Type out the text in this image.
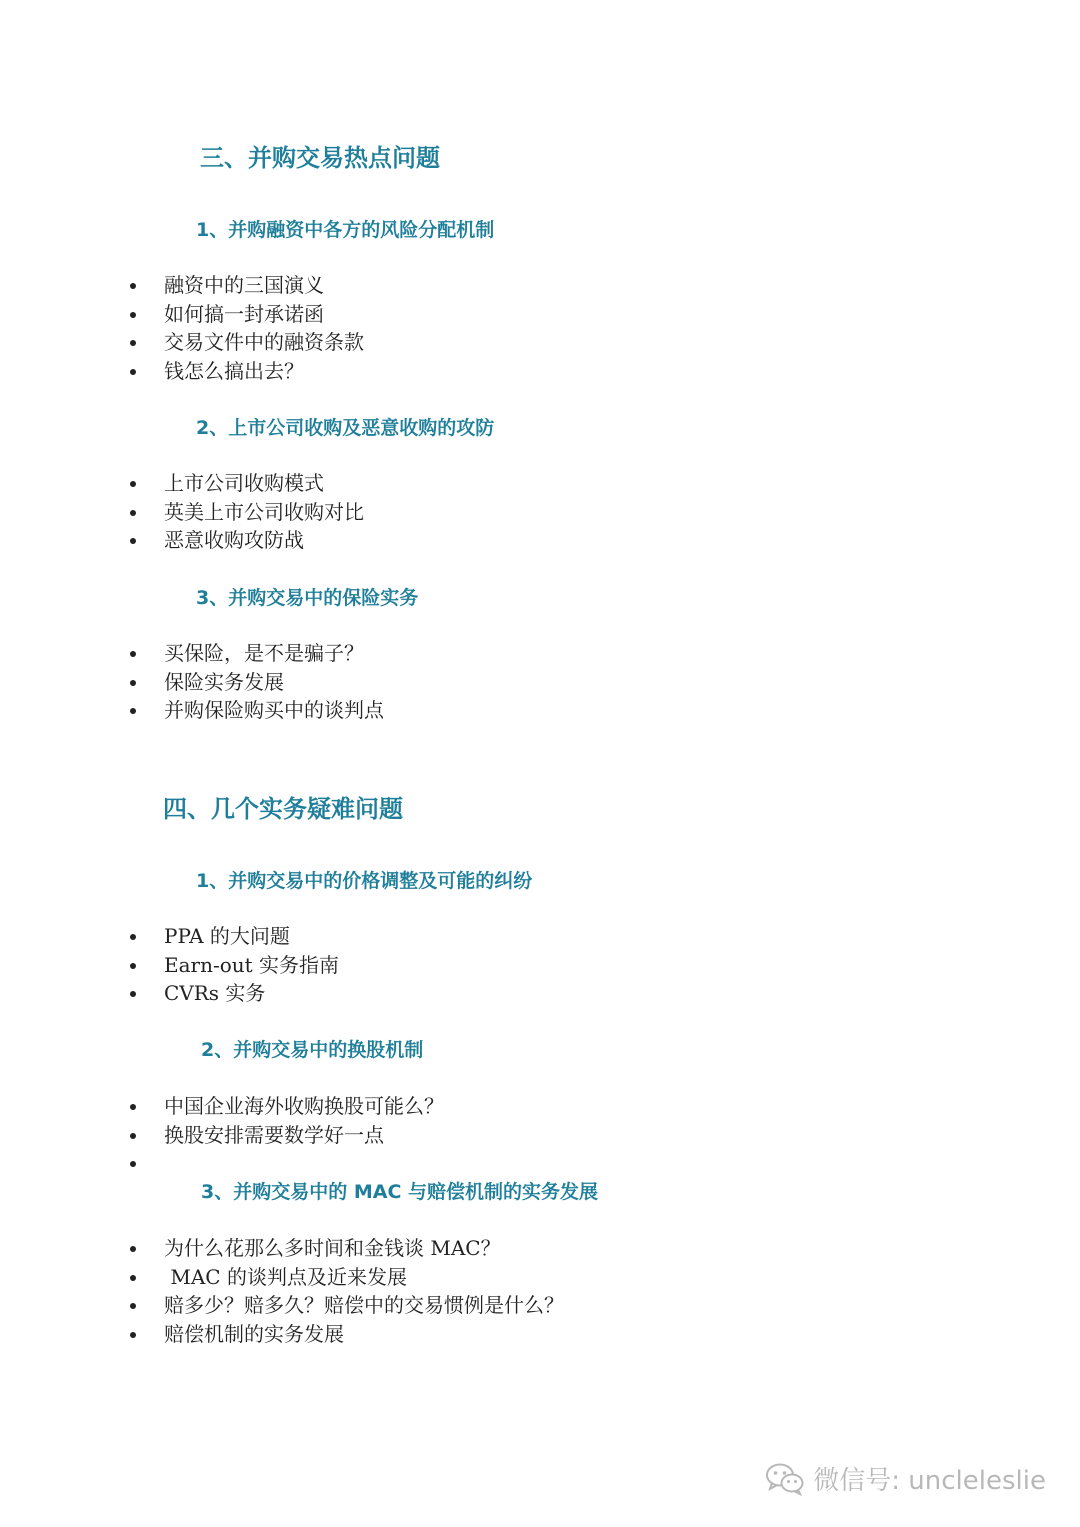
三、并购交易热点问题
1、并购融资中各方的风险分配机制
融资中的三国演义
如何搞一封承诺函
交易文件中的融资条款
钱怎么搞出去？
2、上市公司收购及恶意收购的攻防
上市公司收购模式
英美上市公司收购对比
恶意收购攻防战
3、并购交易中的保险实务
买保险，是不是骗子？
保险实务发展
并购保险购买中的谈判点
四、几个实务疑难问题
1、并购交易中的价格调整及可能的纠纷
PPA 的大问题
Earn-out 实务指南
CVRs 实务
2、并购交易中的换股机制
中国企业海外收购换股可能么？
换股安排需要数学好一点
3、并购交易中的 MAC 与赔偿机制的实务发展
为什么花那么多时间和金钱谈 MAC？
MAC 的谈判点及近来发展
赔多少？赔多久？赔偿中的交易惯例是什么？
赔偿机制的实务发展
微信号: uncleleslie
